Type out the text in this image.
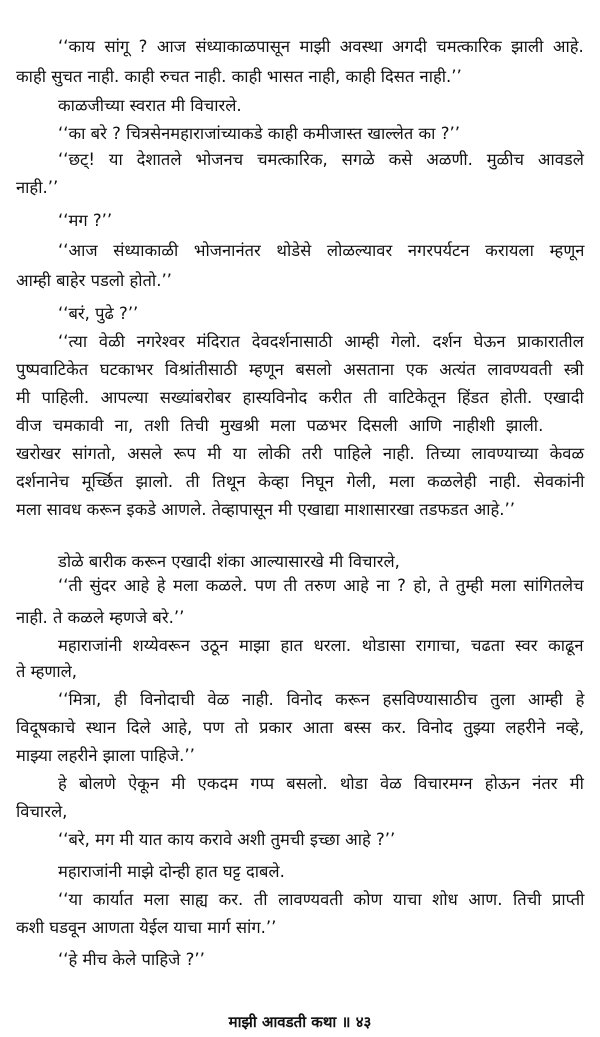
‘‘काय सांगू ? आज संध्याकाळपासून माझी अवस्था अगदी चमत्कारिक झाली आहे.
काही सुचत नाही. काही रुचत नाही. काही भासत नाही, काही दिसत नाही.’’
काळजीच्या स्वरात मी विचारले.
‘‘का बरे ? चित्रसेनमहाराजांच्याकडे काही कमीजास्त खाल्लेत का ?’’
‘‘छट्‌! या देशातले भोजनच चमत्कारिक, सगळे कसे अळणी. मुळीच आवडले
नाही.’’
‘‘मग ?’’
‘‘आज संध्याकाळी भोजनानंतर थोडेसे लोळल्यावर नगरपर्यटन करायला म्हणून
आम्ही बाहेर पडलो होतो.’’
‘‘बरं, पुढे ?’’
‘‘त्या वेळी नगरेश्वर मंदिरात देवदर्शनासाठी आम्ही गेलो. दर्शन घेऊन प्राकारातील
पुष्पवाटिकेत घटकाभर विश्रांतीसाठी म्हणून बसलो असताना एक अत्यंत लावण्यवती स्त्री
मी पाहिली. आपल्या सख्यांबरोबर हास्यविनोद करीत ती वाटिकेतून हिंडत होती. एखादी
वीज चमकावी ना, तशी तिची मुखश्री मला पळभर दिसली आणि नाहीशी झाली.
खरोखर सांगतो, असले रूप मी या लोकी तरी पाहिले नाही. तिच्या लावण्याच्या केवळ
दर्शनानेच मूर्च्छित झालो. ती तिथून केव्हा निघून गेली, मला कळलेही नाही. सेवकांनी
मला सावध करून इकडे आणले. तेव्हापासून मी एखाद्या माशासारखा तडफडत आहे.’’
डोळे बारीक करून एखादी शंका आल्यासारखे मी विचारले,
‘‘ती सुंदर आहे हे मला कळले. पण ती तरुण आहे ना ? हो, ते तुम्ही मला सांगितलेच
नाही. ते कळले म्हणजे बरे.’’
महाराजांनी शय्येवरून उठून माझा हात धरला. थोडासा रागाचा, चढता स्वर काढून
ते म्हणाले,
‘‘मित्रा, ही विनोदाची वेळ नाही. विनोद करून हसविण्यासाठीच तुला आम्ही हे
विदूषकाचे स्थान दिले आहे, पण तो प्रकार आता बस्स कर. विनोद तुझ्या लहरीने नव्हे,
माझ्या लहरीने झाला पाहिजे.’’
हे बोलणे ऐकून मी एकदम गप्प बसलो. थोडा वेळ विचारमग्न होऊन नंतर मी
विचारले,
‘‘बरे, मग मी यात काय करावे अशी तुमची इच्छा आहे ?’’
महाराजांनी माझे दोन्ही हात घट्ट दाबले.
‘‘या कार्यात मला साह्य कर. ती लावण्यवती कोण याचा शोध आण. तिची प्राप्ती
कशी घडवून आणता येईल याचा मार्ग सांग.’’
‘‘हे मीच केले पाहिजे ?’’
माझी आवडती कथा ॥ ४३
